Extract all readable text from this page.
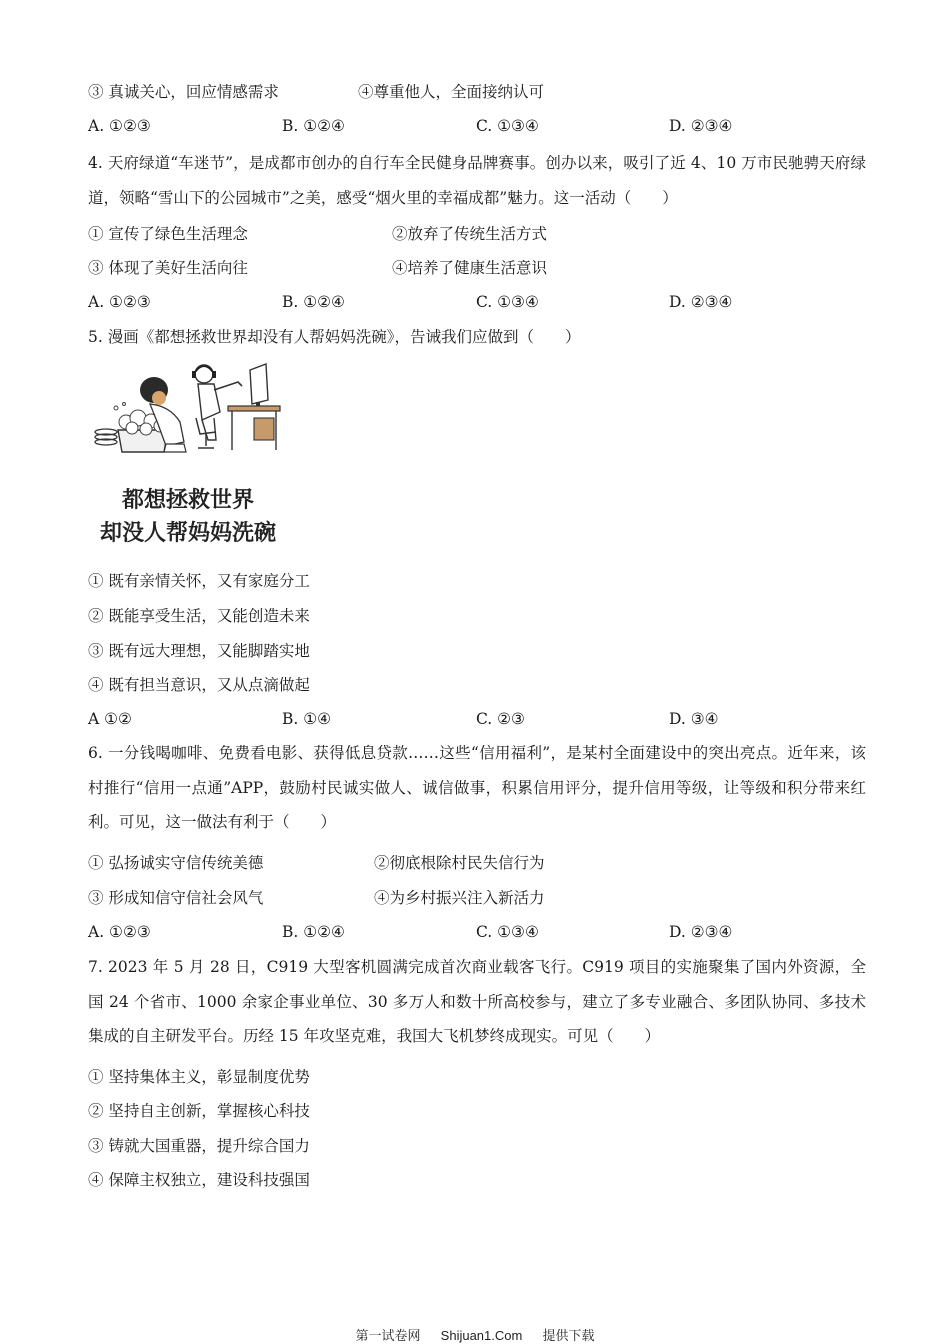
③ 真诚关心，回应情感需求	④尊重他人，全面接纳认可
A. ①②③	B. ①②④	C. ①③④	D. ②③④
4. 天府绿道“车迷节”，是成都市创办的自行车全民健身品牌赛事。创办以来，吸引了近 4、10 万市民驰骋天府绿道，领略“雪山下的公园城市”之美，感受“烟火里的幸福成都”魅力。这一活动（　　）
① 宣传了绿色生活理念	②放弃了传统生活方式
③ 体现了美好生活向往	④培养了健康生活意识
A. ①②③	B. ①②④	C. ①③④	D. ②③④
5. 漫画《都想拯救世界却没有人帮妈妈洗碗》，告诫我们应做到（　　）
都想拯救世界
却没人帮妈妈洗碗
① 既有亲情关怀，又有家庭分工
② 既能享受生活，又能创造未来
③ 既有远大理想，又能脚踏实地
④ 既有担当意识，又从点滴做起
A ①②	B. ①④	C. ②③	D. ③④
6. 一分钱喝咖啡、免费看电影、获得低息贷款……这些“信用福利”，是某村全面建设中的突出亮点。近年来，该村推行“信用一点通”APP，鼓励村民诚实做人、诚信做事，积累信用评分，提升信用等级，让等级和积分带来红利。可见，这一做法有利于（　　）
① 弘扬诚实守信传统美德	②彻底根除村民失信行为
③ 形成知信守信社会风气	④为乡村振兴注入新活力
A. ①②③	B. ①②④	C. ①③④	D. ②③④
7. 2023 年 5 月 28 日，C919 大型客机圆满完成首次商业载客飞行。C919 项目的实施聚集了国内外资源，全国 24 个省市、1000 余家企事业单位、30 多万人和数十所高校参与，建立了多专业融合、多团队协同、多技术集成的自主研发平台。历经 15 年攻坚克难，我国大飞机梦终成现实。可见（　　）
① 坚持集体主义，彰显制度优势
② 坚持自主创新，掌握核心科技
③ 铸就大国重器，提升综合国力
④ 保障主权独立，建设科技强国
第一试卷网 Shijuan1.Com 提供下载
